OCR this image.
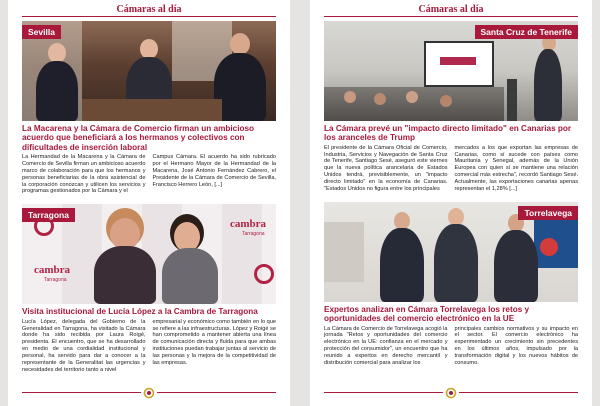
Cámaras al día
Sevilla
La Macarena y la Cámara de Comercio firman un ambicioso acuerdo que beneficiará a los hermanos y colectivos con dificultades de inserción laboral
La Hermandad de la Macarena y la Cámara de Comercio de Sevilla firman un ambicioso acuerdo marco de colaboración para que los hermanos y personas beneficiarias de la obra asistencial de la corporación conozcan y utilicen los servicios y programas gestionados por la Cámara y el
Campus Cámara. El acuerdo ha sido rubricado por el Hermano Mayor de la Hermandad de la Macarena, José Antonio Fernández Cabrero, el Presidente de la Cámara de Comercio de Sevilla, Francisco Herrero León, [...]
cambra
Tarragona
cambra
Tarragona
Tarragona
Visita institucional de Lucía López a la Cambra de Tarragona
Lucía López, delegada del Gobierno de la Generalidad en Tarragona, ha visitado la Cámara donde ha sido recibida por Laura Roigé, presidenta. El encuentro, que se ha desarrollado en medio de una cordialidad institucional y personal, ha servido para dar a conocer a la representante de la Generalitat las urgencias y necesidades del territorio tanto a nivel
empresarial y económico como también en lo que se refiere a las infraestructuras. López y Roigé se han comprometido a mantener abierta una línea de comunicación directa y fluida para que ambas instituciones puedan trabajar juntas al servicio de las personas y la mejora de la competitividad de las empresas.
Cámaras al día
Santa Cruz de Tenerife
La Cámara prevé un "impacto directo limitado" en Canarias por los aranceles de Trump
El presidente de la Cámara Oficial de Comercio, Industria, Servicios y Navegación de Santa Cruz de Tenerife, Santiago Sesé, aseguró este viernes que la nueva política arancelaria de Estados Unidos tendrá, previsiblemente, un "impacto directo limitado" en la economía de Canarias. "Estados Unidos no figura entre los principales
mercados a los que exportan las empresas de Canarias, como sí sucede con países como Mauritania y Senegal, además de la Unión Europea con quien sí se mantiene una relación comercial más estrecha", recordó Santiago Sesé. Actualmente, las exportaciones canarias apenas representan el 1,28% [...]
Torrelavega
Expertos analizan en Cámara Torrelavega los retos y oportunidades del comercio electrónico en la UE
La Cámara de Comercio de Torrelavega acogió la jornada "Retos y oportunidades del comercio electrónico en la UE: confianza en el mercado y protección del consumidor", un encuentro que ha reunido a expertos en derecho mercantil y distribución comercial para analizar los
principales cambios normativos y su impacto en el sector. El comercio electrónico ha experimentado un crecimiento sin precedentes en los últimos años, impulsado por la transformación digital y los nuevos hábitos de consumo.
